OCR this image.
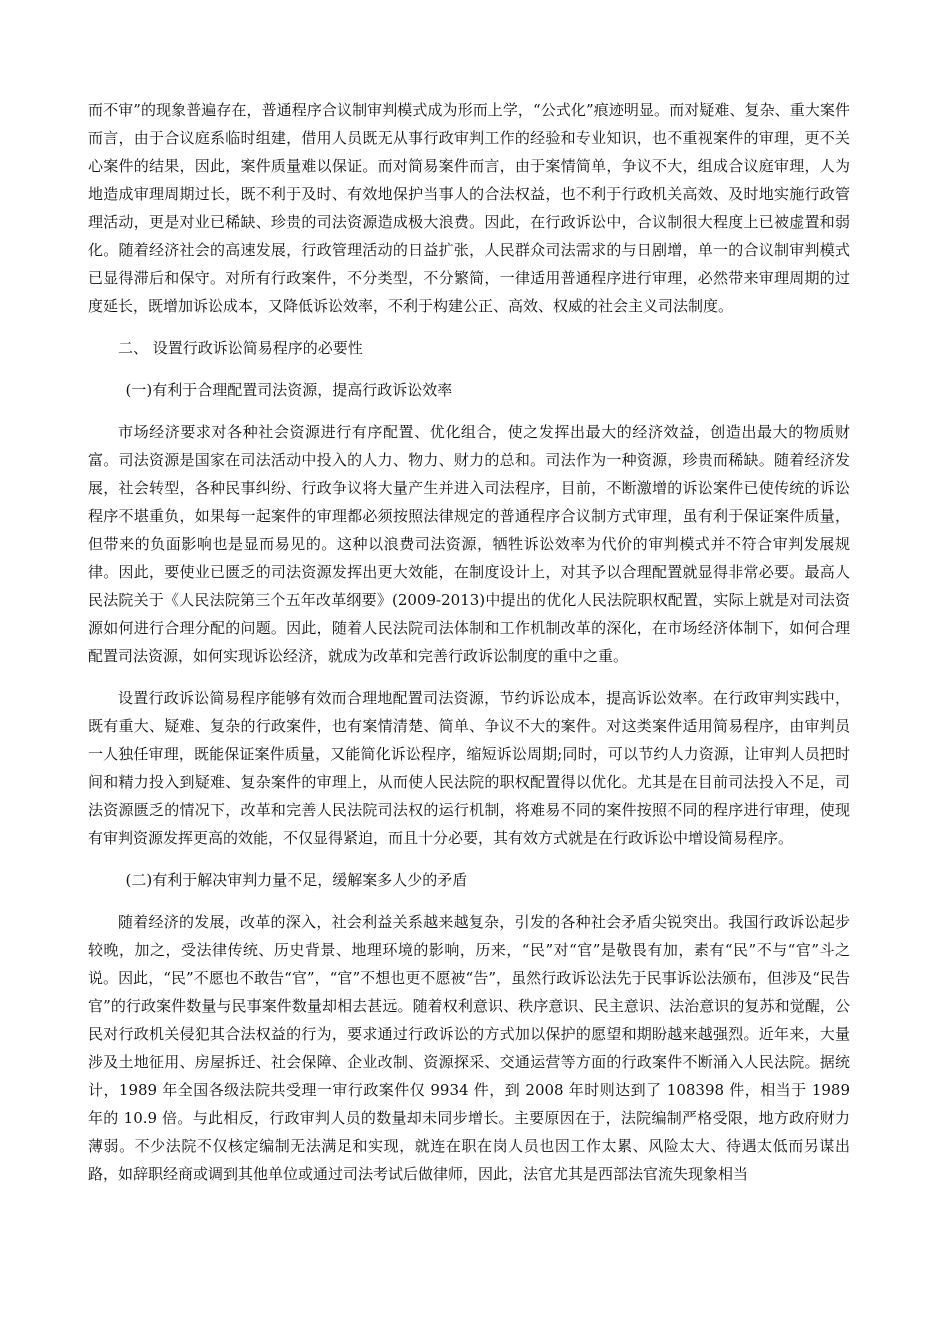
而不审”的现象普遍存在，普通程序合议制审判模式成为形而上学，“公式化”痕迹明显。而对疑难、复杂、重大案件而言，由于合议庭系临时组建，借用人员既无从事行政审判工作的经验和专业知识，也不重视案件的审理，更不关心案件的结果，因此，案件质量难以保证。而对简易案件而言，由于案情简单，争议不大，组成合议庭审理，人为地造成审理周期过长，既不利于及时、有效地保护当事人的合法权益，也不利于行政机关高效、及时地实施行政管理活动，更是对业已稀缺、珍贵的司法资源造成极大浪费。因此，在行政诉讼中，合议制很大程度上已被虚置和弱化。随着经济社会的高速发展，行政管理活动的日益扩张，人民群众司法需求的与日剧增，单一的合议制审判模式已显得滞后和保守。对所有行政案件，不分类型，不分繁简，一律适用普通程序进行审理，必然带来审理周期的过度延长，既增加诉讼成本，又降低诉讼效率，不利于构建公正、高效、权威的社会主义司法制度。

二、 设置行政诉讼简易程序的必要性

(一)有利于合理配置司法资源，提高行政诉讼效率

市场经济要求对各种社会资源进行有序配置、优化组合，使之发挥出最大的经济效益，创造出最大的物质财富。司法资源是国家在司法活动中投入的人力、物力、财力的总和。司法作为一种资源，珍贵而稀缺。随着经济发展，社会转型，各种民事纠纷、行政争议将大量产生并进入司法程序，目前，不断激增的诉讼案件已使传统的诉讼程序不堪重负，如果每一起案件的审理都必须按照法律规定的普通程序合议制方式审理，虽有利于保证案件质量，但带来的负面影响也是显而易见的。这种以浪费司法资源，牺牲诉讼效率为代价的审判模式并不符合审判发展规律。因此，要使业已匮乏的司法资源发挥出更大效能，在制度设计上，对其予以合理配置就显得非常必要。最高人民法院关于《人民法院第三个五年改革纲要》(2009-2013)中提出的优化人民法院职权配置，实际上就是对司法资源如何进行合理分配的问题。因此，随着人民法院司法体制和工作机制改革的深化，在市场经济体制下，如何合理配置司法资源，如何实现诉讼经济，就成为改革和完善行政诉讼制度的重中之重。

设置行政诉讼简易程序能够有效而合理地配置司法资源，节约诉讼成本，提高诉讼效率。在行政审判实践中，既有重大、疑难、复杂的行政案件，也有案情清楚、简单、争议不大的案件。对这类案件适用简易程序，由审判员一人独任审理，既能保证案件质量，又能简化诉讼程序，缩短诉讼周期;同时，可以节约人力资源，让审判人员把时间和精力投入到疑难、复杂案件的审理上，从而使人民法院的职权配置得以优化。尤其是在目前司法投入不足，司法资源匮乏的情况下，改革和完善人民法院司法权的运行机制，将难易不同的案件按照不同的程序进行审理，使现有审判资源发挥更高的效能，不仅显得紧迫，而且十分必要，其有效方式就是在行政诉讼中增设简易程序。

(二)有利于解决审判力量不足，缓解案多人少的矛盾

随着经济的发展，改革的深入，社会利益关系越来越复杂，引发的各种社会矛盾尖锐突出。我国行政诉讼起步较晚，加之，受法律传统、历史背景、地理环境的影响，历来，“民”对“官”是敬畏有加，素有“民”不与“官”斗之说。因此，“民”不愿也不敢告“官”，“官”不想也更不愿被“告”，虽然行政诉讼法先于民事诉讼法颁布，但涉及“民告官”的行政案件数量与民事案件数量却相去甚远。随着权利意识、秩序意识、民主意识、法治意识的复苏和觉醒，公民对行政机关侵犯其合法权益的行为，要求通过行政诉讼的方式加以保护的愿望和期盼越来越强烈。近年来，大量涉及土地征用、房屋拆迁、社会保障、企业改制、资源探采、交通运营等方面的行政案件不断涌入人民法院。据统计，1989 年全国各级法院共受理一审行政案件仅 9934 件，到 2008 年时则达到了 108398 件，相当于 1989 年的 10.9 倍。与此相反，行政审判人员的数量却未同步增长。主要原因在于，法院编制严格受限，地方政府财力薄弱。不少法院不仅核定编制无法满足和实现，就连在职在岗人员也因工作太累、风险太大、待遇太低而另谋出路，如辞职经商或调到其他单位或通过司法考试后做律师，因此，法官尤其是西部法官流失现象相当
